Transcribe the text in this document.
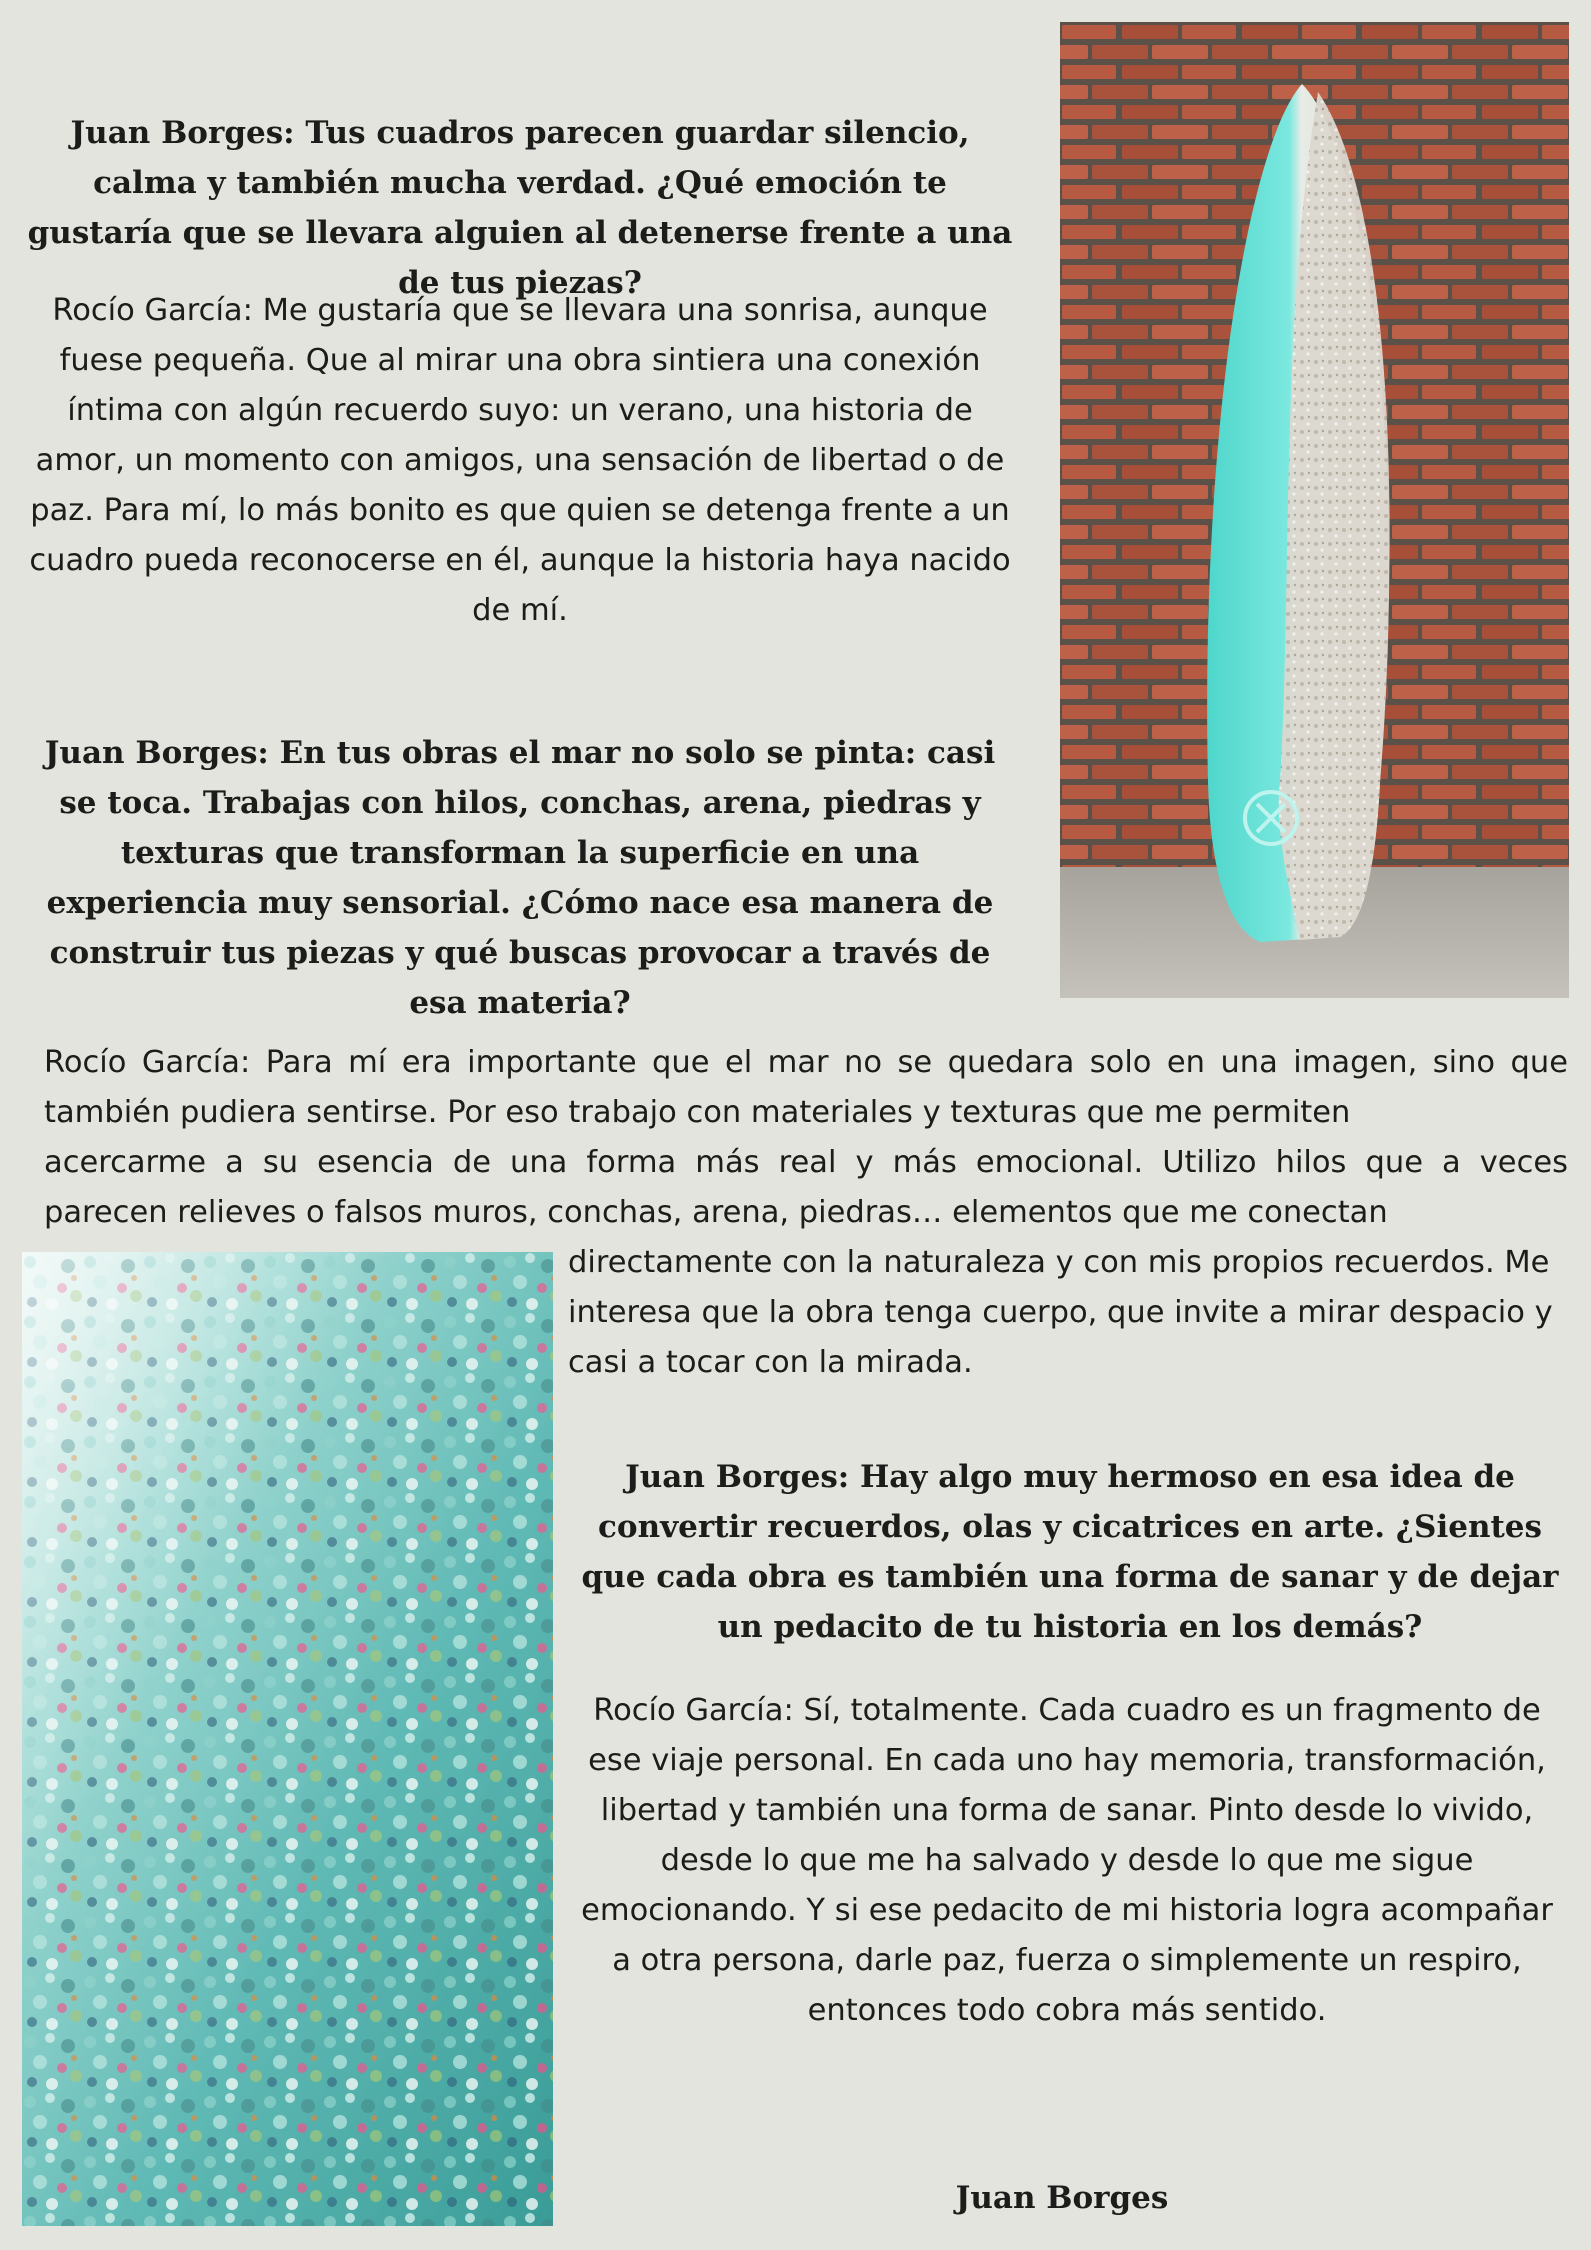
Juan Borges: Tus cuadros parecen guardar silencio, calma y también mucha verdad. ¿Qué emoción te gustaría que se llevara alguien al detenerse frente a una de tus piezas?

Rocío García: Me gustaría que se llevara una sonrisa, aunque fuese pequeña. Que al mirar una obra sintiera una conexión íntima con algún recuerdo suyo: un verano, una historia de amor, un momento con amigos, una sensación de libertad o de paz. Para mí, lo más bonito es que quien se detenga frente a un cuadro pueda reconocerse en él, aunque la historia haya nacido de mí.

Juan Borges: En tus obras el mar no solo se pinta: casi se toca. Trabajas con hilos, conchas, arena, piedras y texturas que transforman la superficie en una experiencia muy sensorial. ¿Cómo nace esa manera de construir tus piezas y qué buscas provocar a través de esa materia?

Rocío García: Para mí era importante que el mar no se quedara solo en una imagen, sino que
también pudiera sentirse. Por eso trabajo con materiales y texturas que me permiten
acercarme a su esencia de una forma más real y más emocional. Utilizo hilos que a veces
parecen relieves o falsos muros, conchas, arena, piedras… elementos que me conectan

directamente con la naturaleza y con mis propios recuerdos. Me interesa que la obra tenga cuerpo, que invite a mirar despacio y casi a tocar con la mirada.

Juan Borges: Hay algo muy hermoso en esa idea de convertir recuerdos, olas y cicatrices en arte. ¿Sientes que cada obra es también una forma de sanar y de dejar un pedacito de tu historia en los demás?

Rocío García: Sí, totalmente. Cada cuadro es un fragmento de ese viaje personal. En cada uno hay memoria, transformación, libertad y también una forma de sanar. Pinto desde lo vivido, desde lo que me ha salvado y desde lo que me sigue emocionando. Y si ese pedacito de mi historia logra acompañar a otra persona, darle paz, fuerza o simplemente un respiro, entonces todo cobra más sentido.

Juan Borges
